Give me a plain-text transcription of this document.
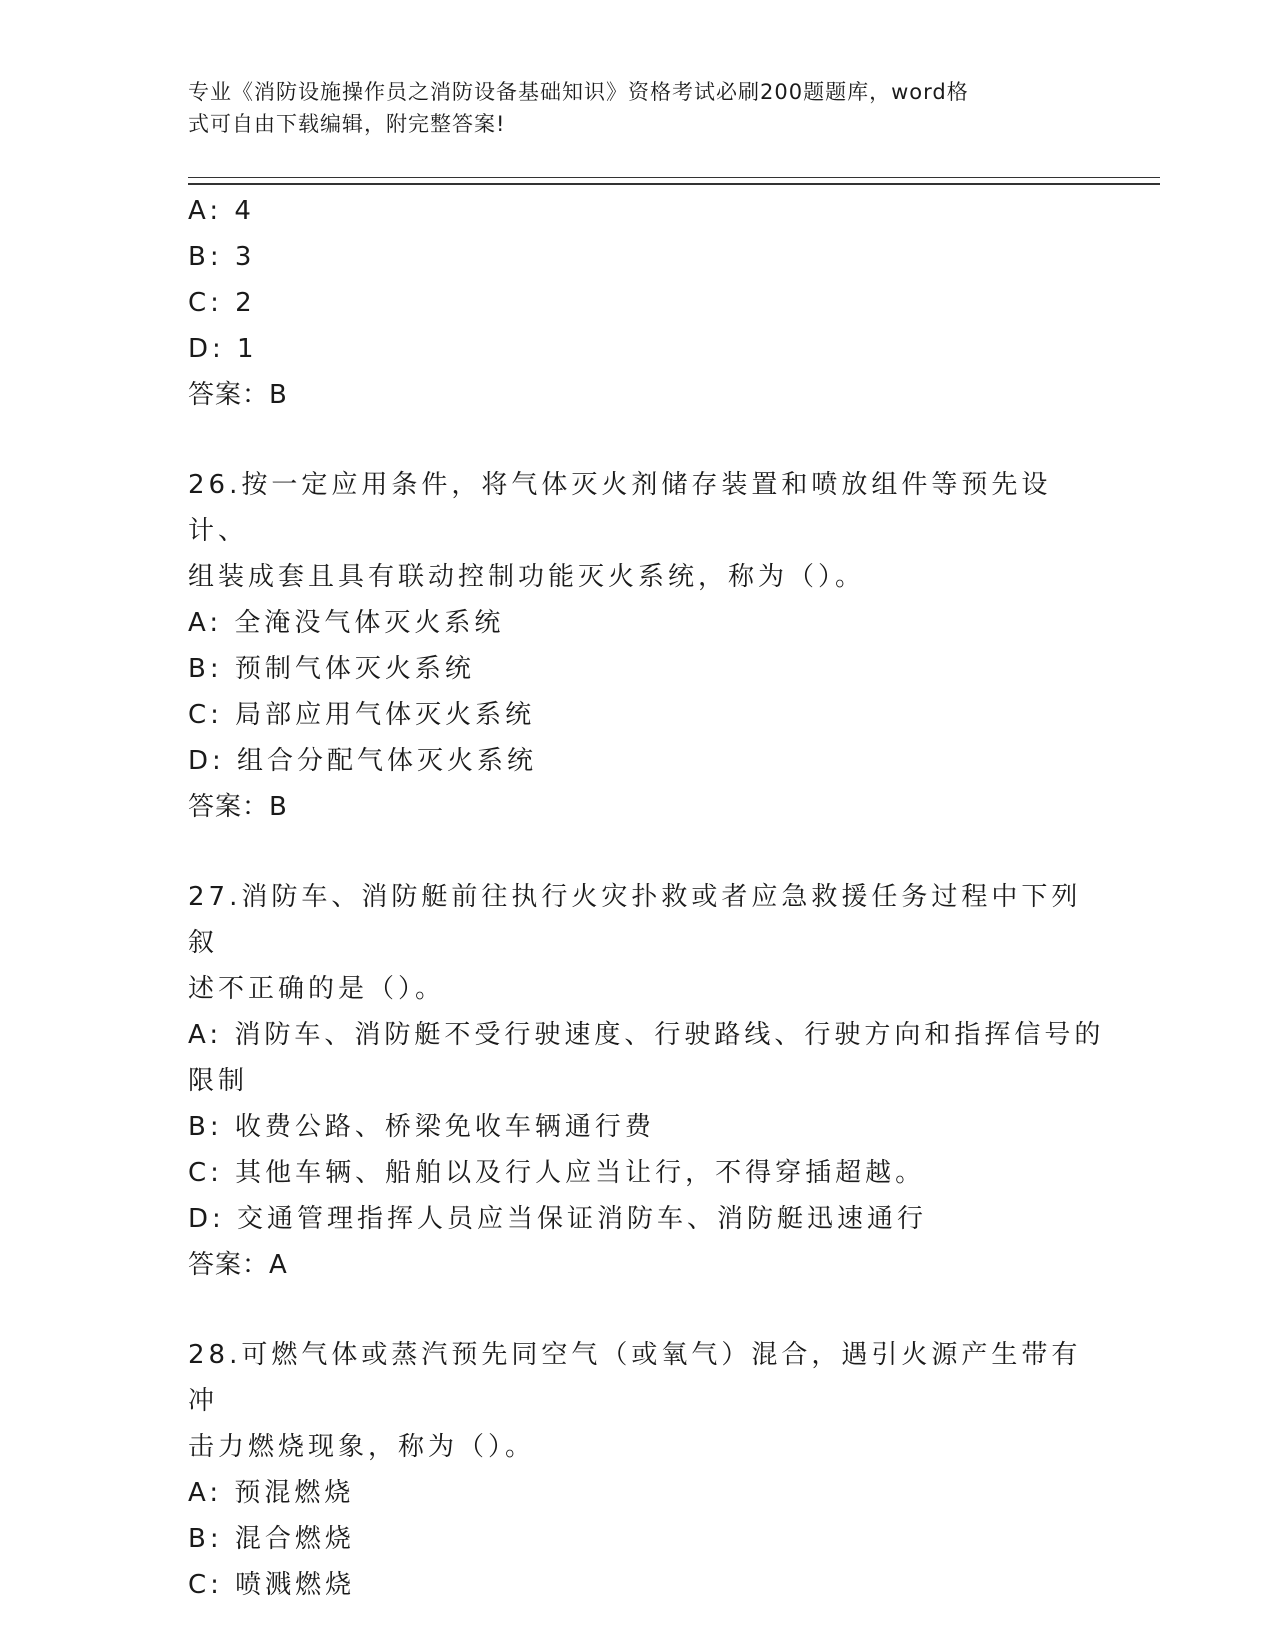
专业《消防设施操作员之消防设备基础知识》资格考试必刷200题题库，word格
式可自由下载编辑，附完整答案!
A: 4
B: 3
C: 2
D: 1
答案：B
26.按一定应用条件，将气体灭火剂储存装置和喷放组件等预先设计、
组装成套且具有联动控制功能灭火系统，称为（）。
A: 全淹没气体灭火系统
B: 预制气体灭火系统
C: 局部应用气体灭火系统
D: 组合分配气体灭火系统
答案：B
27.消防车、消防艇前往执行火灾扑救或者应急救援任务过程中下列叙
述不正确的是（）。
A: 消防车、消防艇不受行驶速度、行驶路线、行驶方向和指挥信号的
限制
B: 收费公路、桥梁免收车辆通行费
C: 其他车辆、船舶以及行人应当让行，不得穿插超越。
D: 交通管理指挥人员应当保证消防车、消防艇迅速通行
答案：A
28.可燃气体或蒸汽预先同空气（或氧气）混合，遇引火源产生带有冲
击力燃烧现象，称为（）。
A: 预混燃烧
B: 混合燃烧
C: 喷溅燃烧
